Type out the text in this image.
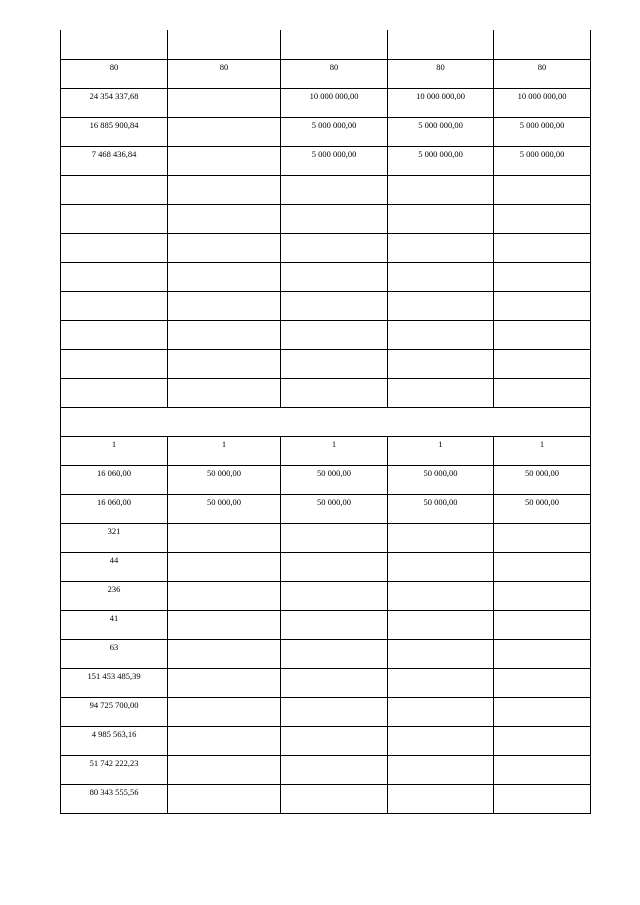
80	80	80	80	80
24 354 337,68		10 000 000,00	10 000 000,00	10 000 000,00
16 885 900,84		5 000 000,00	5 000 000,00	5 000 000,00
7 468 436,84		5 000 000,00	5 000 000,00	5 000 000,00

1	1	1	1	1
16 060,00	50 000,00	50 000,00	50 000,00	50 000,00
16 060,00	50 000,00	50 000,00	50 000,00	50 000,00
321				
44				
236				
41				
63				
151 453 485,39				
94 725 700,00				
4 985 563,16				
51 742 222,23				
80 343 555,56				
